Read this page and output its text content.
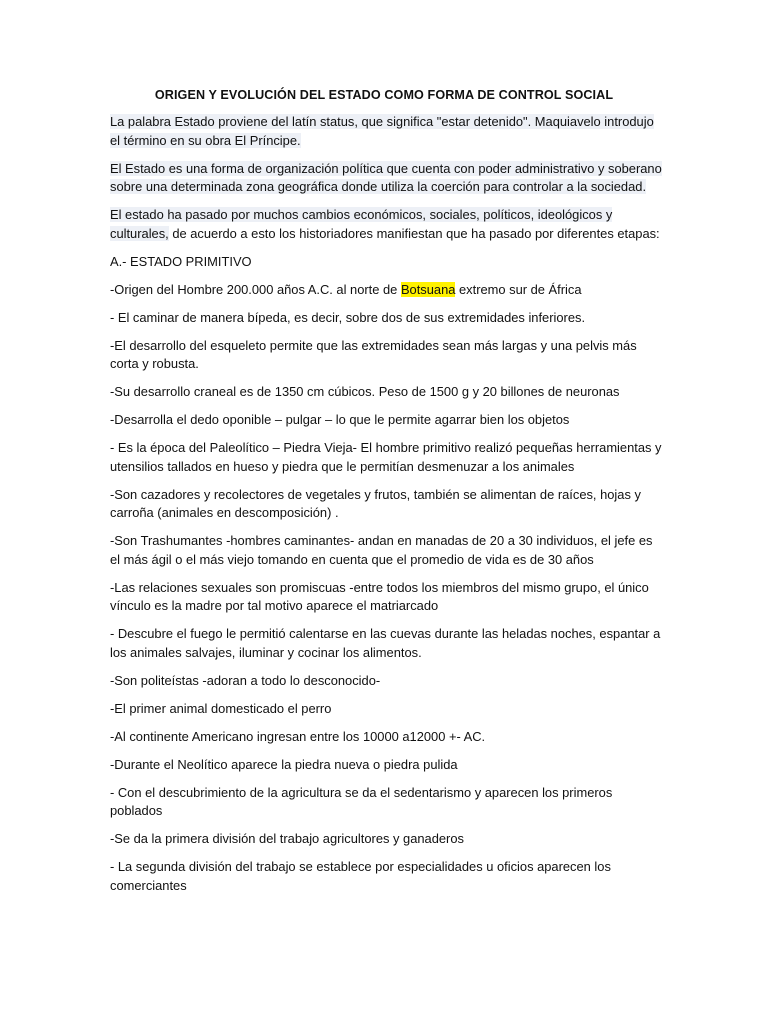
ORIGEN Y EVOLUCIÓN DEL ESTADO COMO FORMA DE CONTROL SOCIAL

La palabra Estado proviene del latín status, que significa "estar detenido". Maquiavelo introdujo el término en su obra El Príncipe.

El Estado es una forma de organización política que cuenta con poder administrativo y soberano sobre una determinada zona geográfica donde utiliza la coerción para controlar a la sociedad.

El estado ha pasado por muchos cambios económicos, sociales, políticos, ideológicos y culturales, de acuerdo a esto los historiadores manifiestan que ha pasado por diferentes etapas:

A.- ESTADO PRIMITIVO

-Origen del Hombre 200.000 años A.C. al norte de Botsuana extremo sur de África

- El caminar de manera bípeda, es decir, sobre dos de sus extremidades inferiores.

-El desarrollo del esqueleto permite que las extremidades sean más largas y una pelvis más corta y robusta.

-Su desarrollo craneal es de 1350 cm cúbicos. Peso de 1500 g y 20 billones de neuronas

-Desarrolla el dedo oponible – pulgar – lo que le permite agarrar bien los objetos

- Es la época del Paleolítico – Piedra Vieja- El hombre primitivo realizó pequeñas herramientas y utensilios tallados en hueso y piedra que le permitían desmenuzar a los animales

-Son cazadores y recolectores de vegetales y frutos, también se alimentan de raíces, hojas y carroña (animales en descomposición) .

-Son Trashumantes -hombres caminantes- andan en manadas de 20 a 30 individuos, el jefe es el más ágil o el más viejo tomando en cuenta que el promedio de vida es de 30 años

-Las relaciones sexuales son promiscuas -entre todos los miembros del mismo grupo, el único vínculo es la madre por tal motivo aparece el matriarcado

- Descubre el fuego le permitió calentarse en las cuevas durante las heladas noches, espantar a los animales salvajes, iluminar y cocinar los alimentos.

-Son politeístas -adoran a todo lo desconocido-

-El primer animal domesticado el perro

-Al continente Americano ingresan entre los 10000 a12000 +- AC.

-Durante el Neolítico aparece la piedra nueva o piedra pulida

- Con el descubrimiento de la agricultura se da el sedentarismo y aparecen los primeros poblados

-Se da la primera división del trabajo agricultores y ganaderos

- La segunda división del trabajo se establece por especialidades u oficios aparecen los comerciantes
